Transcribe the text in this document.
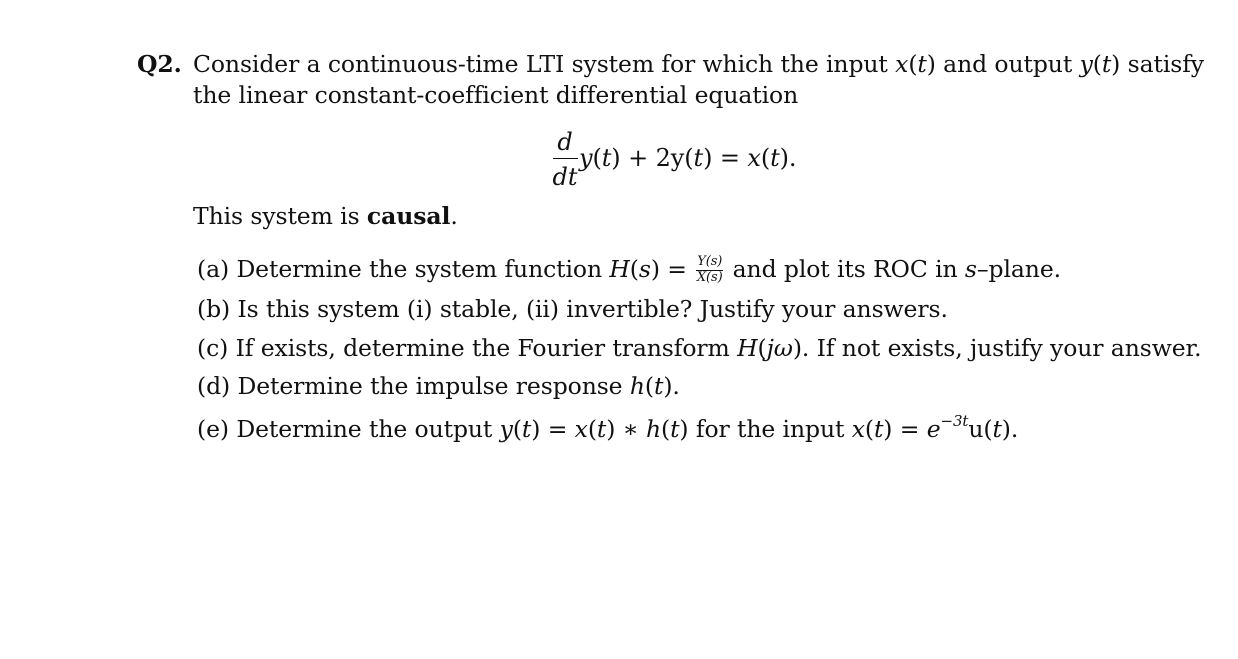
Q2. Consider a continuous-time LTI system for which the input x(t) and output y(t) satisfy
the linear constant-coefficient differential equation
d
dt
y(t) + 2y(t) = x(t).
This system is causal.
(a) Determine the system function $H(s) = \frac{Y(s)}{X(s)}$ and plot its ROC in s–plane.
(b) Is this system (i) stable, (ii) invertible? Justify your answers.
(c) If exists, determine the Fourier transform H(jω). If not exists, justify your answer.
(d) Determine the impulse response h(t).
(e) Determine the output y(t) = x(t) ∗ h(t) for the input $x(t) = e^{-3t}u(t)$.
